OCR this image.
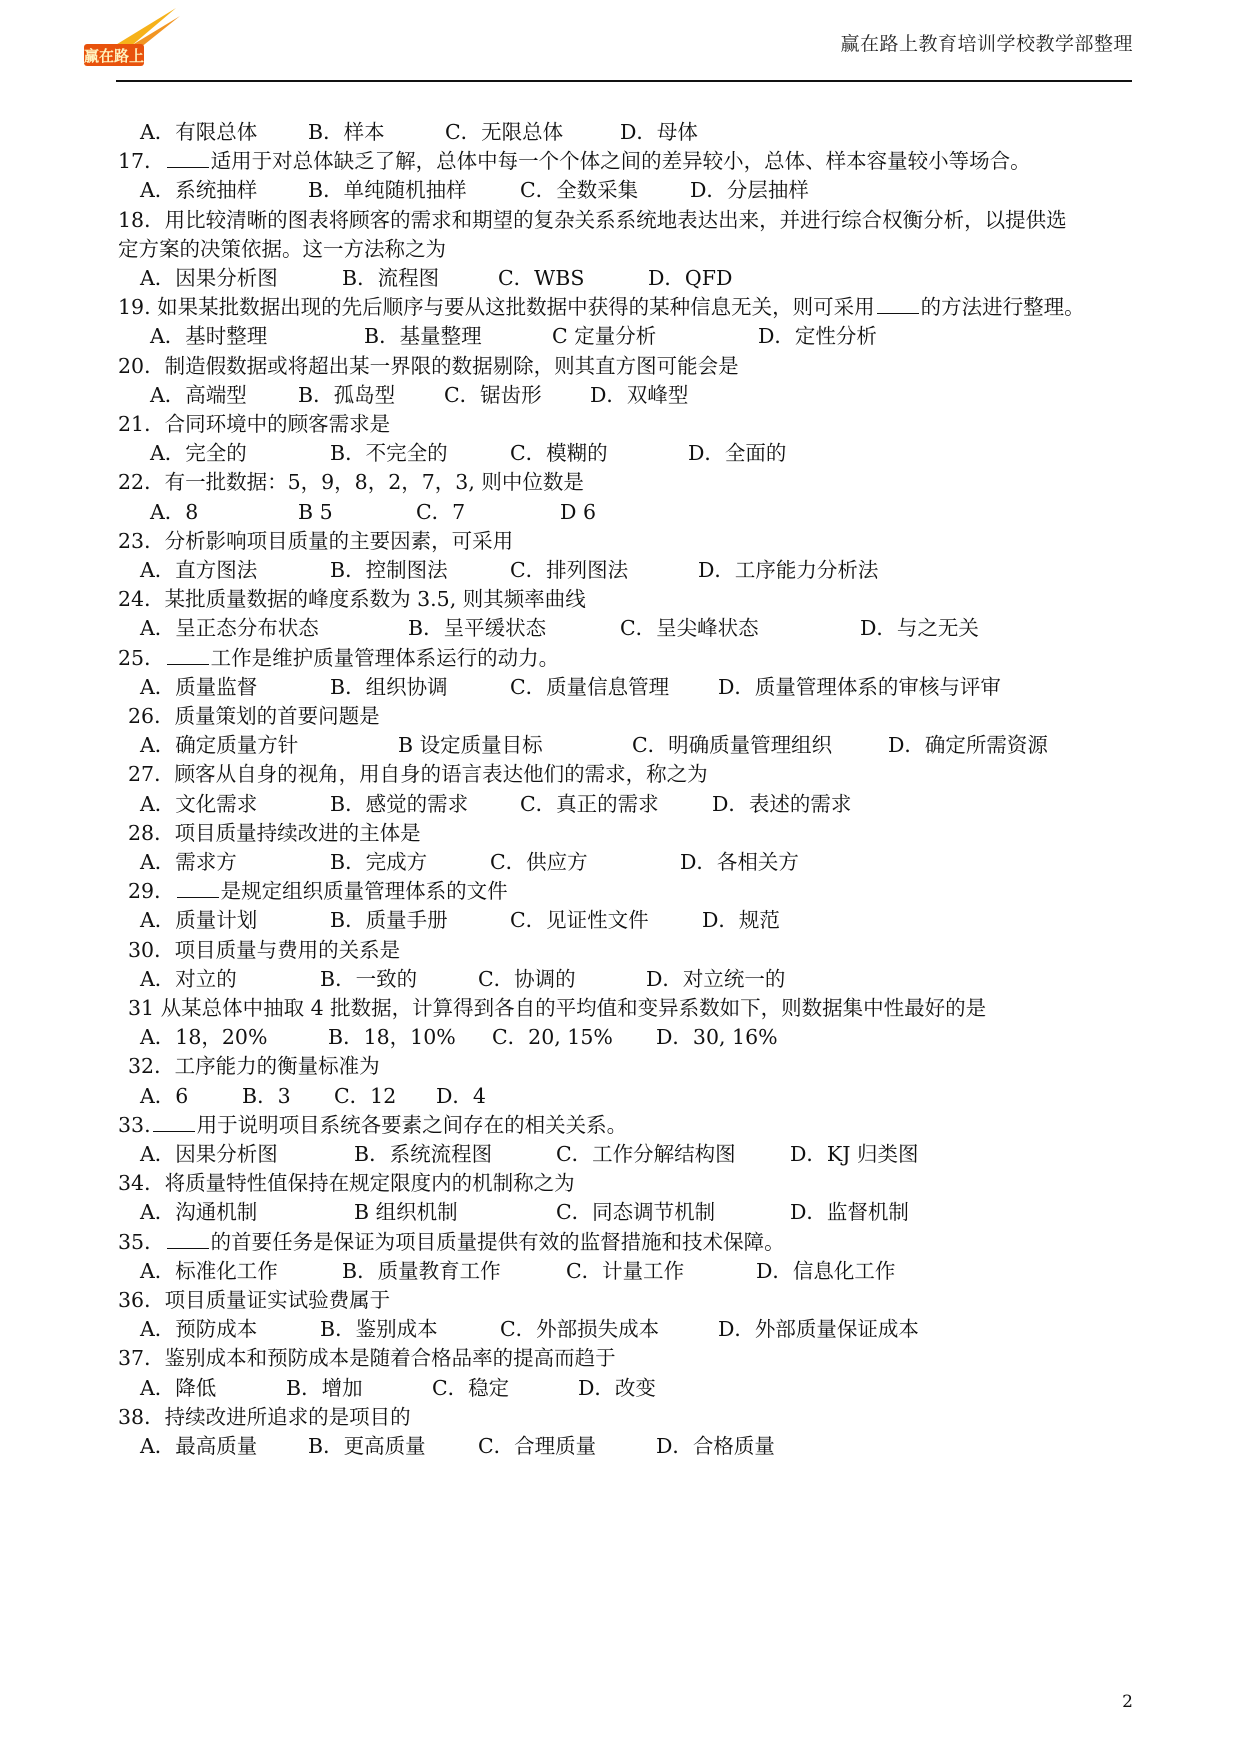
赢在路上
赢在路上教育培训学校教学部整理
A．有限总体 B．样本	C．无限总体	D．母体
17． 适用于对总体缺乏了解，总体中每一个个体之间的差异较小，总体、样本容量较小等场合。
A．系统抽样 B．单纯随机抽样	C．全数采集	D．分层抽样
18．用比较清晰的图表将顾客的需求和期望的复杂关系系统地表达出来，并进行综合权衡分析，以提供选
定方案的决策依据。这一方法称之为
A．因果分析图	B．流程图	C．WBS	D．QFD
19. 如果某批数据出现的先后顺序与要从这批数据中获得的某种信息无关，则可采用 的方法进行整理。
A．基时整理	B．基量整理	C 定量分析	D．定性分析
20．制造假数据或将超出某一界限的数据剔除，则其直方图可能会是
A．高端型 B．孤岛型 C．锯齿形 D．双峰型
21．合同环境中的顾客需求是
A．完全的	B．不完全的	C．模糊的	D．全面的
22．有一批数据：5，9，8，2，7，3, 则中位数是
A．8	B 5	C．7	D 6
23．分析影响项目质量的主要因素，可采用
A．直方图法	B．控制图法	C．排列图法	D．工序能力分析法
24．某批质量数据的峰度系数为 3.5, 则其频率曲线
A．呈正态分布状态	B．呈平缓状态	C．呈尖峰状态	D．与之无关
25． 工作是维护质量管理体系运行的动力。
A．质量监督	B．组织协调	C．质量信息管理 D．质量管理体系的审核与评审
26．质量策划的首要问题是
A．确定质量方针	B 设定质量目标	C．明确质量管理组织	D．确定所需资源
27．顾客从自身的视角，用自身的语言表达他们的需求，称之为
A．文化需求	B．感觉的需求	C．真正的需求	D．表述的需求
28．项目质量持续改进的主体是
A．需求方	B．完成方	C．供应方	D．各相关方
29． 是规定组织质量管理体系的文件
A．质量计划	B．质量手册	C．见证性文件	D．规范
30．项目质量与费用的关系是
A．对立的	B．一致的	C．协调的	D．对立统一的
31 从某总体中抽取 4 批数据，计算得到各自的平均值和变异系数如下，则数据集中性最好的是
A．18，20%	B．18，10% C．20, 15% D．30, 16%
32．工序能力的衡量标准为
A．6	B．3 C．12 D．4
33. 用于说明项目系统各要素之间存在的相关关系。
A．因果分析图	B．系统流程图	C．工作分解结构图	D．KJ 归类图
34．将质量特性值保持在规定限度内的机制称之为
A．沟通机制	B 组织机制	C．同态调节机制	D．监督机制
35． 的首要任务是保证为项目质量提供有效的监督措施和技术保障。
A．标准化工作	B．质量教育工作	C．计量工作	D．信息化工作
36．项目质量证实试验费属于
A．预防成本	B．鉴别成本	C．外部损失成本	D．外部质量保证成本
37．鉴别成本和预防成本是随着合格品率的提高而趋于
A．降低	B．增加	C．稳定	D．改变
38．持续改进所追求的是项目的
A．最高质量 B．更高质量	C．合理质量	D．合格质量
2
